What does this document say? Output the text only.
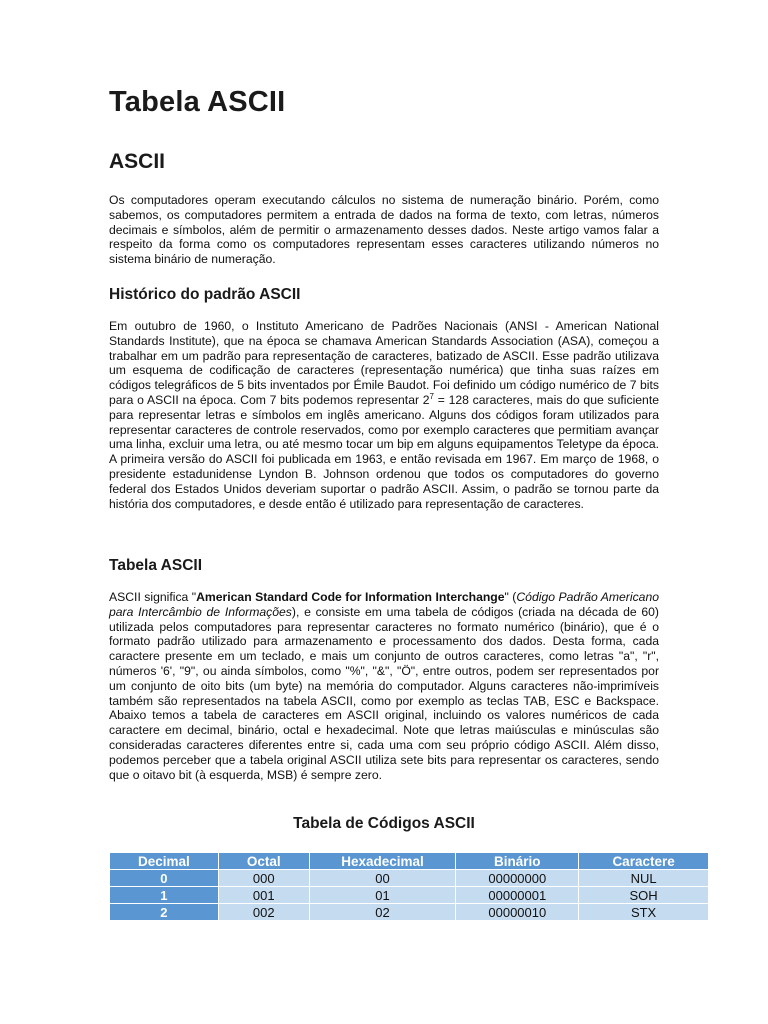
Tabela ASCII
ASCII

Os computadores operam executando cálculos no sistema de numeração binário. Porém, como sabemos, os computadores permitem a entrada de dados na forma de texto, com letras, números decimais e símbolos, além de permitir o armazenamento desses dados. Neste artigo vamos falar a respeito da forma como os computadores representam esses caracteres utilizando números no sistema binário de numeração.

Histórico do padrão ASCII

Em outubro de 1960, o Instituto Americano de Padrões Nacionais (ANSI - American National Standards Institute), que na época se chamava American Standards Association (ASA), começou a trabalhar em um padrão para representação de caracteres, batizado de ASCII. Esse padrão utilizava um esquema de codificação de caracteres (representação numérica) que tinha suas raízes em códigos telegráficos de 5 bits inventados por Émile Baudot. Foi definido um código numérico de 7 bits para o ASCII na época. Com 7 bits podemos representar $2^7 = 128$ caracteres, mais do que suficiente para representar letras e símbolos em inglês americano. Alguns dos códigos foram utilizados para representar caracteres de controle reservados, como por exemplo caracteres que permitiam avançar uma linha, excluir uma letra, ou até mesmo tocar um bip em alguns equipamentos Teletype da época. A primeira versão do ASCII foi publicada em 1963, e então revisada em 1967. Em março de 1968, o presidente estadunidense Lyndon B. Johnson ordenou que todos os computadores do governo federal dos Estados Unidos deveriam suportar o padrão ASCII. Assim, o padrão se tornou parte da história dos computadores, e desde então é utilizado para representação de caracteres.

Tabela ASCII

ASCII significa "American Standard Code for Information Interchange" (Código Padrão Americano para Intercâmbio de Informações), e consiste em uma tabela de códigos (criada na década de 60) utilizada pelos computadores para representar caracteres no formato numérico (binário), que é o formato padrão utilizado para armazenamento e processamento dos dados. Desta forma, cada caractere presente em um teclado, e mais um conjunto de outros caracteres, como letras "a", "r", números '6', "9", ou ainda símbolos, como "%", "&", "Ö", entre outros, podem ser representados por um conjunto de oito bits (um byte) na memória do computador. Alguns caracteres não-imprimíveis também são representados na tabela ASCII, como por exemplo as teclas TAB, ESC e Backspace. Abaixo temos a tabela de caracteres em ASCII original, incluindo os valores numéricos de cada caractere em decimal, binário, octal e hexadecimal. Note que letras maiúsculas e minúsculas são consideradas caracteres diferentes entre si, cada uma com seu próprio código ASCII. Além disso, podemos perceber que a tabela original ASCII utiliza sete bits para representar os caracteres, sendo que o oitavo bit (à esquerda, MSB) é sempre zero.

Tabela de Códigos ASCII
Decimal	Octal	Hexadecimal	Binário	Caractere
0	000	00	00000000	NUL
1	001	01	00000001	SOH
2	002	02	00000010	STX
